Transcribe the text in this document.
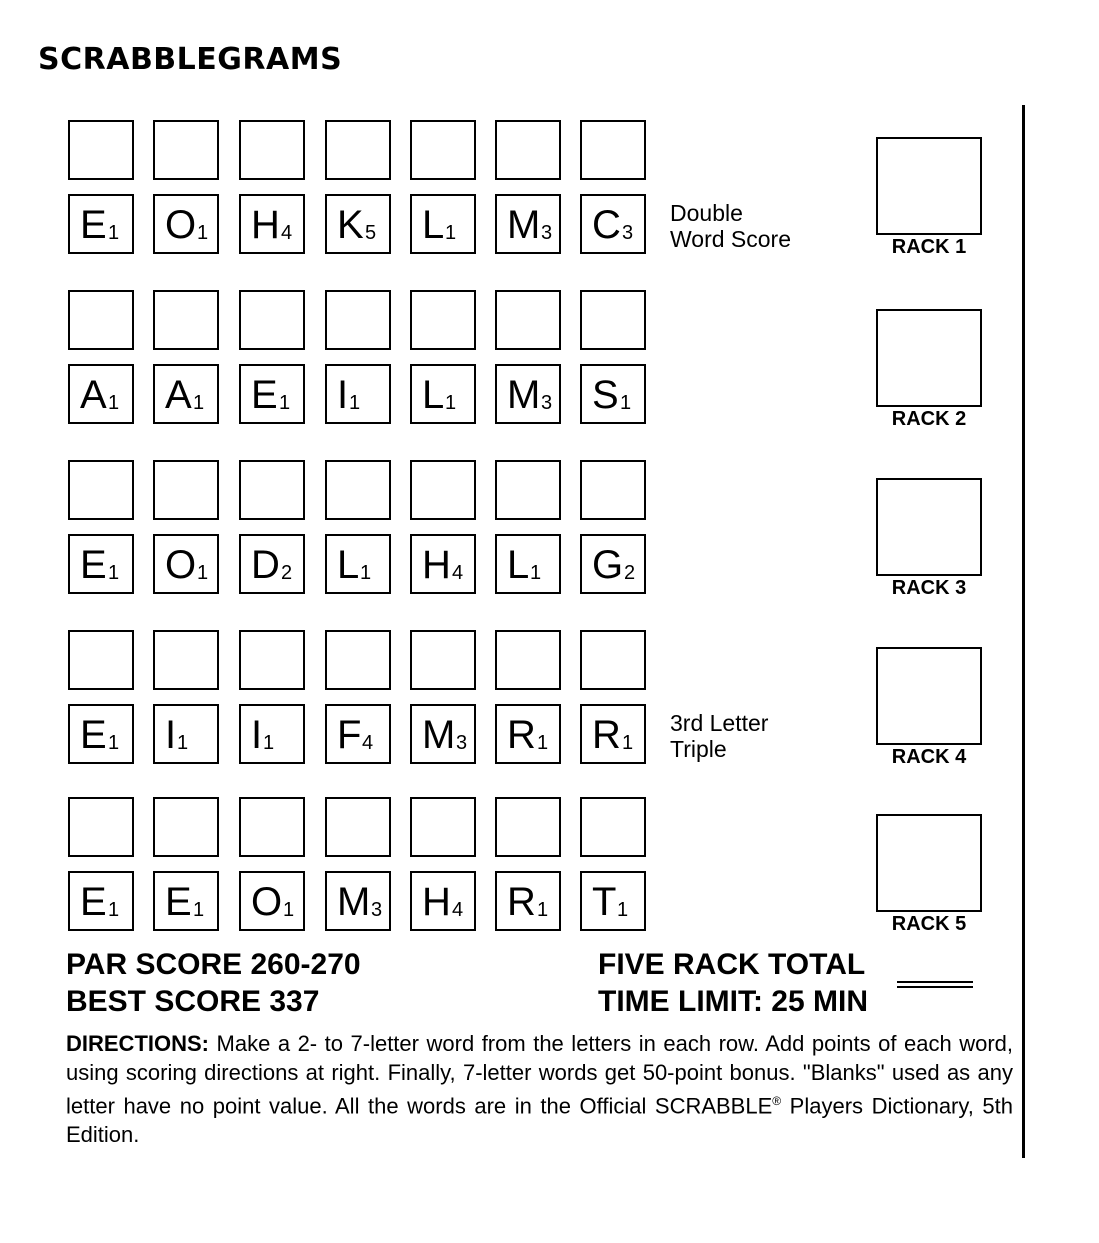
SCRABBLEGRAMS
E 1 O 1 H 4 K 5 L 1 M 3 C 3
Double
Word Score	RACK 1
A 1 A 1 E 1 I 1 L 1 M 3 S 1
RACK 2
E 1 O 1 D 2 L 1 H 4 L 1 G 2
RACK 3
E 1 I 1 I 1 F 4 M 3 R 1 R 1
3rd Letter
Triple	RACK 4
E 1 E 1 O 1 M 3 H 4 R 1 T 1
RACK 5
PAR SCORE 260-270
BEST SCORE 337
FIVE RACK TOTAL
TIME LIMIT: 25 MIN
DIRECTIONS: Make a 2- to 7-letter word from the letters in each row. Add points of each word, using scoring directions at right. Finally, 7-letter words get 50-point bonus. "Blanks" used as any letter have no point value. All the words are in the Official SCRABBLE® Players Dictionary, 5th Edition.
